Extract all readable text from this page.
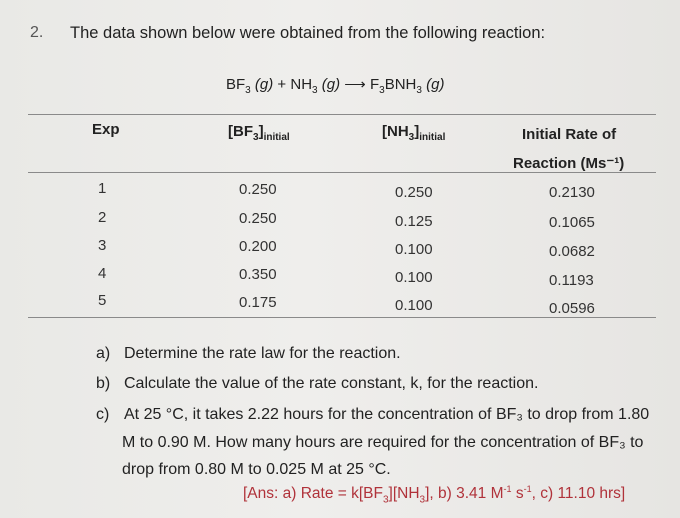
2. The data shown below were obtained from the following reaction:
$BF_3$ $(g) + NH_3$ (g) ⟶ $F_3BNH_3$ (g)
Exp	$[BF_3]_{initial}$	$[NH_3]_{initial}$	Initial Rate of
Reaction (Ms⁻¹)
1	0.250	0.250	0.2130
2	0.250	0.125	0.1065
3	0.200	0.100	0.0682
4	0.350	0.100	0.1193
5	0.175	0.100	0.0596
a) Determine the rate law for the reaction.
b) Calculate the value of the rate constant, k, for the reaction.
c) At 25 °C, it takes 2.22 hours for the concentration of BF₃ to drop from 1.80
M to 0.90 M. How many hours are required for the concentration of BF₃ to
drop from 0.80 M to 0.025 M at 25 °C.
[Ans: a) Rate = $k[BF_3][NH_3]$, b) 3.41 $M^{-1}$ $s^{-1}$, c) 11.10 hrs]
